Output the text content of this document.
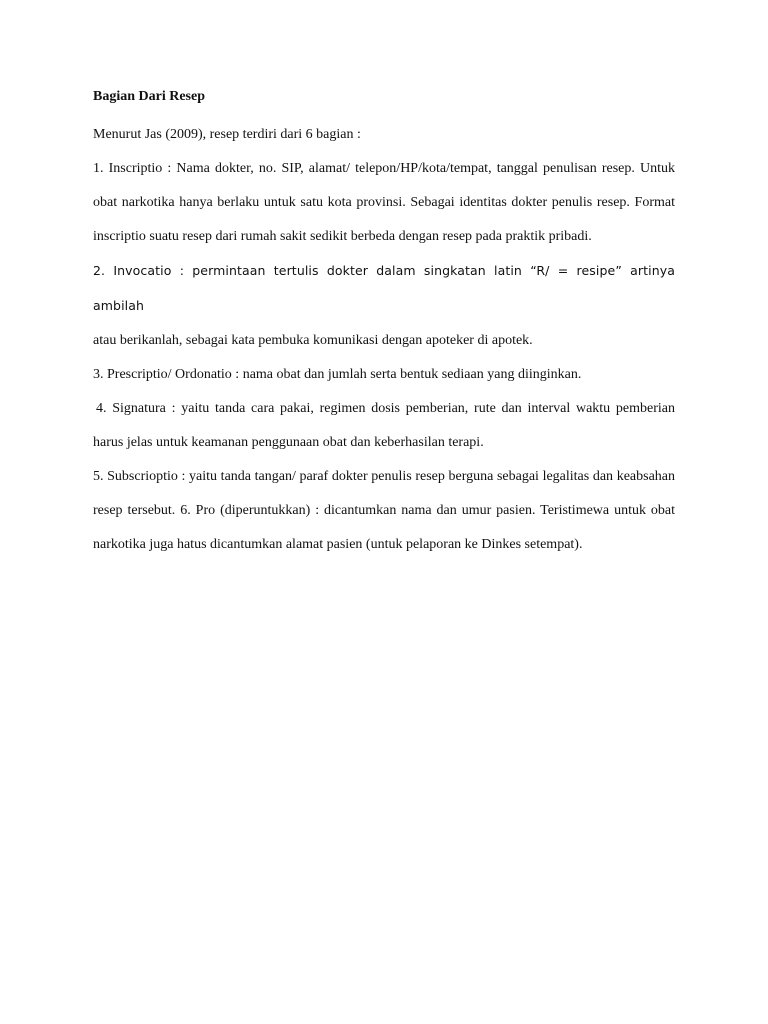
Bagian Dari Resep

Menurut Jas (2009), resep terdiri dari 6 bagian :

1. Inscriptio : Nama dokter, no. SIP, alamat/ telepon/HP/kota/tempat, tanggal penulisan resep. Untuk obat narkotika hanya berlaku untuk satu kota provinsi. Sebagai identitas dokter penulis resep. Format inscriptio suatu resep dari rumah sakit sedikit berbeda dengan resep pada praktik pribadi.

2. Invocatio : permintaan tertulis dokter dalam singkatan latin “R/ = resipe” artinya ambilah

atau berikanlah, sebagai kata pembuka komunikasi dengan apoteker di apotek.

3. Prescriptio/ Ordonatio : nama obat dan jumlah serta bentuk sediaan yang diinginkan.

4. Signatura : yaitu tanda cara pakai, regimen dosis pemberian, rute dan interval waktu pemberian harus jelas untuk keamanan penggunaan obat dan keberhasilan terapi.

5. Subscrioptio : yaitu tanda tangan/ paraf dokter penulis resep berguna sebagai legalitas dan keabsahan resep tersebut. 6. Pro (diperuntukkan) : dicantumkan nama dan umur pasien. Teristimewa untuk obat narkotika juga hatus dicantumkan alamat pasien (untuk pelaporan ke Dinkes setempat).
